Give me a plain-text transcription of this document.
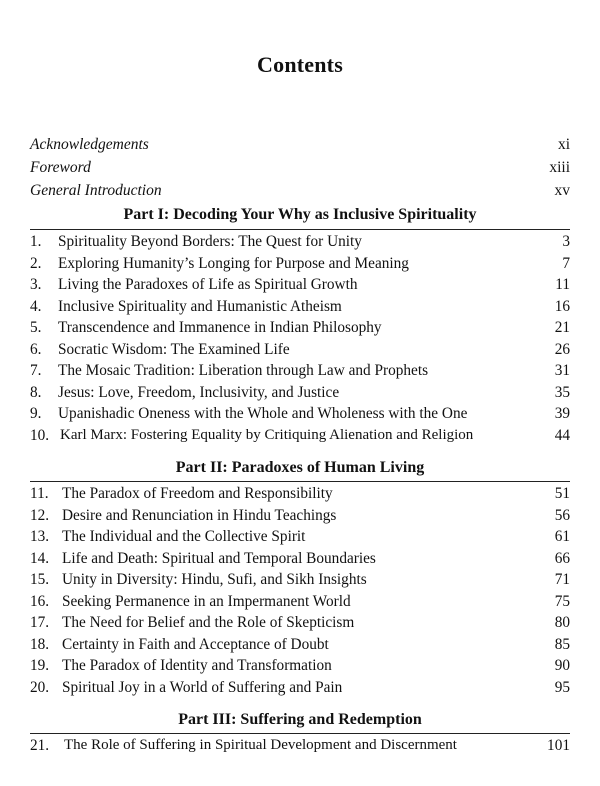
Contents
Acknowledgements	xi
Foreword	xiii
General Introduction	xv
Part I: Decoding Your Why as Inclusive Spirituality
1. Spirituality Beyond Borders: The Quest for Unity	3
2. Exploring Humanity’s Longing for Purpose and Meaning	7
3. Living the Paradoxes of Life as Spiritual Growth	11
4. Inclusive Spirituality and Humanistic Atheism	16
5. Transcendence and Immanence in Indian Philosophy	21
6. Socratic Wisdom: The Examined Life	26
7. The Mosaic Tradition: Liberation through Law and Prophets	31
8. Jesus: Love, Freedom, Inclusivity, and Justice	35
9. Upanishadic Oneness with the Whole and Wholeness with the One	39
10. Karl Marx: Fostering Equality by Critiquing Alienation and Religion	44
Part II: Paradoxes of Human Living
11. The Paradox of Freedom and Responsibility	51
12. Desire and Renunciation in Hindu Teachings	56
13. The Individual and the Collective Spirit	61
14. Life and Death: Spiritual and Temporal Boundaries	66
15. Unity in Diversity: Hindu, Sufi, and Sikh Insights	71
16. Seeking Permanence in an Impermanent World	75
17. The Need for Belief and the Role of Skepticism	80
18. Certainty in Faith and Acceptance of Doubt	85
19. The Paradox of Identity and Transformation	90
20. Spiritual Joy in a World of Suffering and Pain	95
Part III: Suffering and Redemption
21. The Role of Suffering in Spiritual Development and Discernment	101
